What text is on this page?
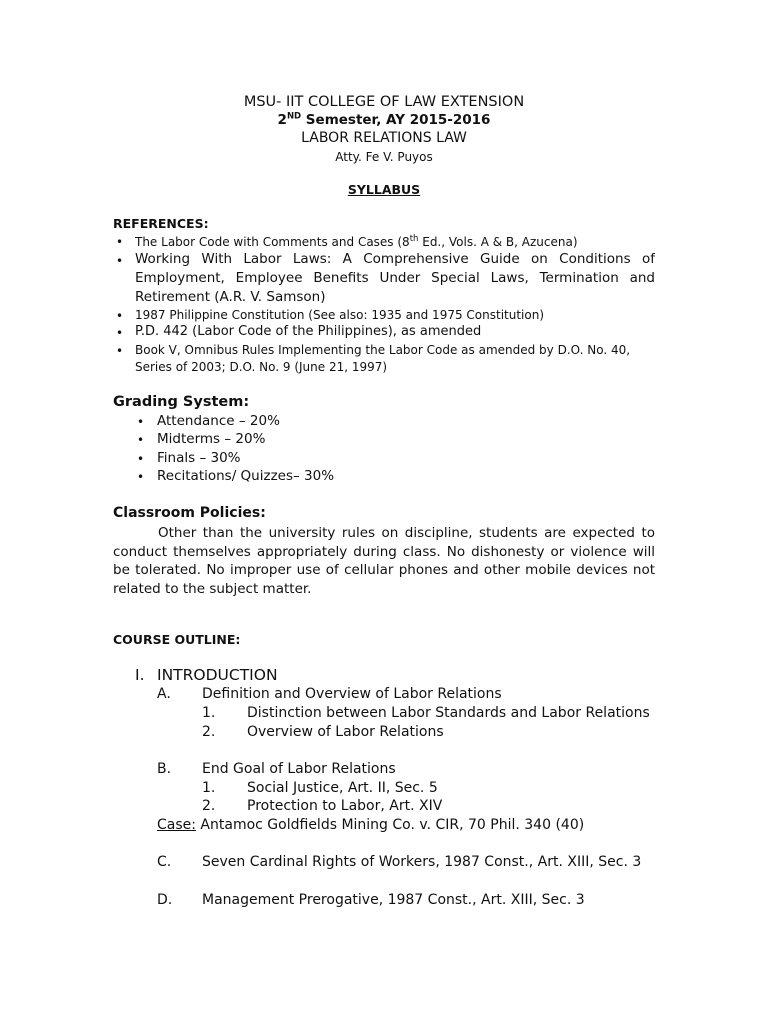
MSU- IIT COLLEGE OF LAW EXTENSION
2ND Semester, AY 2015-2016
LABOR RELATIONS LAW
Atty. Fe V. Puyos
SYLLABUS
REFERENCES:
• The Labor Code with Comments and Cases (8th Ed., Vols. A & B, Azucena)
• Working With Labor Laws: A Comprehensive Guide on Conditions of
Employment, Employee Benefits Under Special Laws, Termination and
Retirement (A.R. V. Samson)
• 1987 Philippine Constitution (See also: 1935 and 1975 Constitution)
• P.D. 442 (Labor Code of the Philippines), as amended
• Book V, Omnibus Rules Implementing the Labor Code as amended by D.O. No. 40,
Series of 2003; D.O. No. 9 (June 21, 1997)
Grading System:
• Attendance – 20%
• Midterms – 20%
• Finals – 30%
• Recitations/ Quizzes– 30%
Classroom Policies:
Other than the university rules on discipline, students are expected to conduct themselves appropriately during class. No dishonesty or violence will be tolerated. No improper use of cellular phones and other mobile devices not related to the subject matter.
COURSE OUTLINE:
I. INTRODUCTION
A. Definition and Overview of Labor Relations
1. Distinction between Labor Standards and Labor Relations
2. Overview of Labor Relations
B. End Goal of Labor Relations
1. Social Justice, Art. II, Sec. 5
2. Protection to Labor, Art. XIV
Case: Antamoc Goldfields Mining Co. v. CIR, 70 Phil. 340 (40)
C. Seven Cardinal Rights of Workers, 1987 Const., Art. XIII, Sec. 3
D. Management Prerogative, 1987 Const., Art. XIII, Sec. 3
